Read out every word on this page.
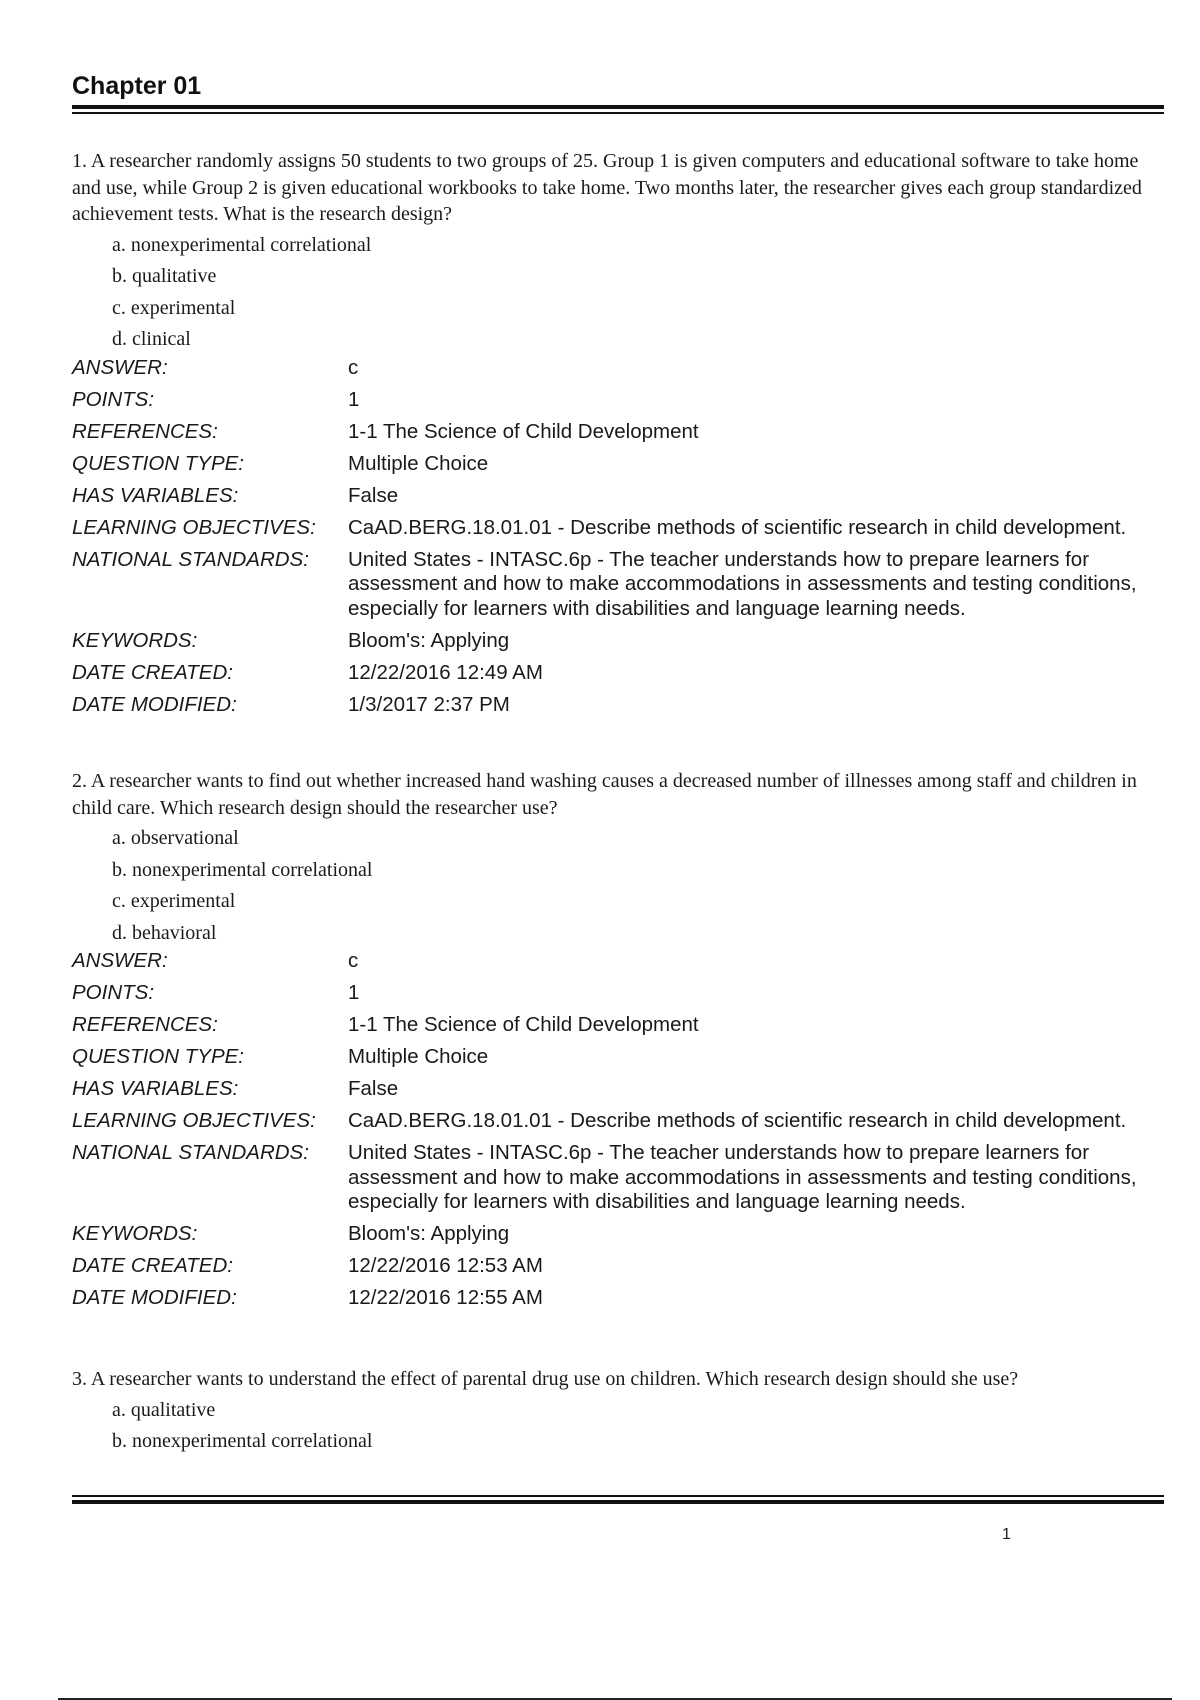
Chapter 01

1. A researcher randomly assigns 50 students to two groups of 25. Group 1 is given computers and educational software to take home and use, while Group 2 is given educational workbooks to take home. Two months later, the researcher gives each group standardized achievement tests. What is the research design?

a. nonexperimental correlational
b. qualitative
c. experimental
d. clinical
ANSWER:	c
POINTS:	1
REFERENCES:	1-1 The Science of Child Development
QUESTION TYPE:	Multiple Choice
HAS VARIABLES:	False
LEARNING OBJECTIVES:	CaAD.BERG.18.01.01 - Describe methods of scientific research in child development.
NATIONAL STANDARDS:	United States - INTASC.6p - The teacher understands how to prepare learners for assessment and how to make accommodations in assessments and testing conditions, especially for learners with disabilities and language learning needs.
KEYWORDS:	Bloom's: Applying
DATE CREATED:	12/22/2016 12:49 AM
DATE MODIFIED:	1/3/2017 2:37 PM

2. A researcher wants to find out whether increased hand washing causes a decreased number of illnesses among staff and children in child care. Which research design should the researcher use?

a. observational
b. nonexperimental correlational
c. experimental
d. behavioral
ANSWER:	c
POINTS:	1
REFERENCES:	1-1 The Science of Child Development
QUESTION TYPE:	Multiple Choice
HAS VARIABLES:	False
LEARNING OBJECTIVES:	CaAD.BERG.18.01.01 - Describe methods of scientific research in child development.
NATIONAL STANDARDS:	United States - INTASC.6p - The teacher understands how to prepare learners for assessment and how to make accommodations in assessments and testing conditions, especially for learners with disabilities and language learning needs.
KEYWORDS:	Bloom's: Applying
DATE CREATED:	12/22/2016 12:53 AM
DATE MODIFIED:	12/22/2016 12:55 AM

3. A researcher wants to understand the effect of parental drug use on children. Which research design should she use?

a. qualitative
b. nonexperimental correlational
1
